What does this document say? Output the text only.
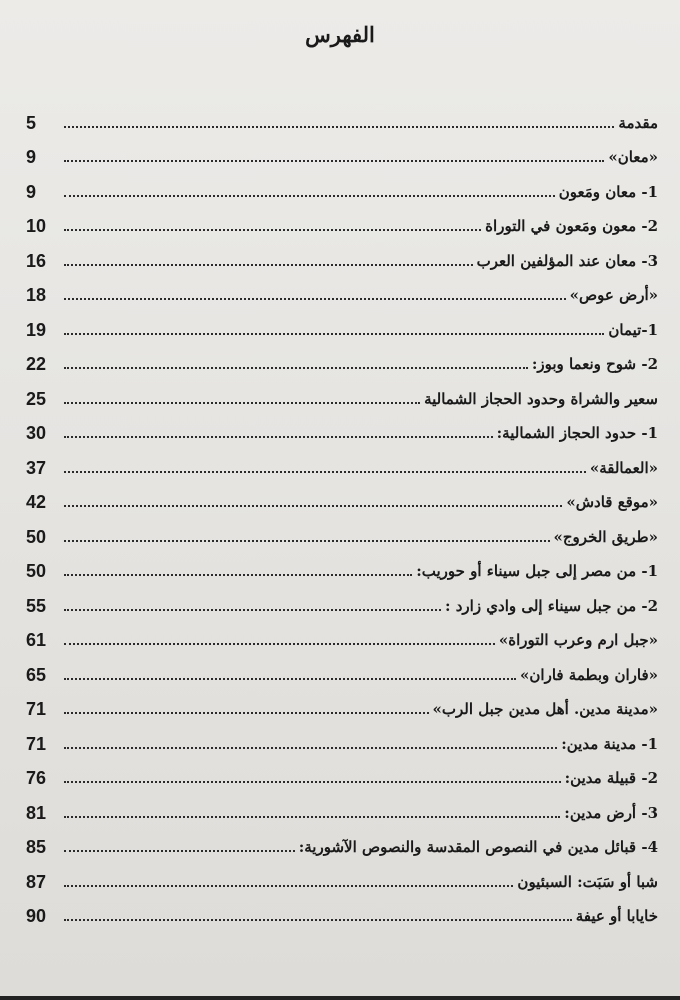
الفهرس
مقدمة
5
«معان»
9
1- معان ومَعون
9
2- معون ومَعون في التوراة
10
3- معان عند المؤلفين العرب
16
«أرض عوص»
18
1-تيمان
19
2- شوح ونعما وبوز:
22
سعير والشراة وحدود الحجاز الشمالية
25
1- حدود الحجاز الشمالية:
30
«العمالقة»
37
«موقع قادش»
42
«طريق الخروج»
50
1- من مصر إلى جبل سيناء أو حوريب:
50
2- من جبل سيناء إلى وادي زارد :
55
«جبل ارم وعرب التوراة»
61
«فاران وبطمة فاران»
65
«مدينة مدين. أهل مدين جبل الرب»
71
1- مدينة مدين:
71
2- قبيلة مدين:
76
3- أرض مدين:
81
4- قبائل مدين في النصوص المقدسة والنصوص الآشورية:
85
شبا أو سَبَت: السبئيون
87
خايابا أو عيفة
90
